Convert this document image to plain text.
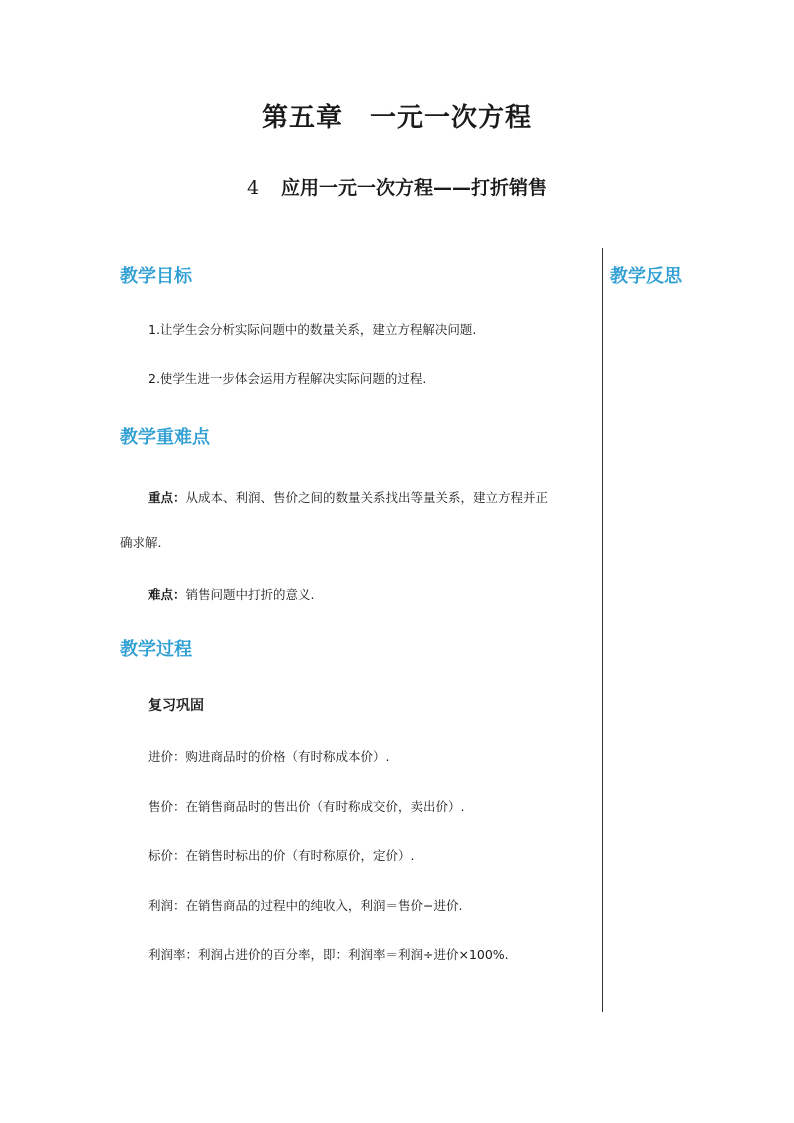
第五章　一元一次方程
4 应用一元一次方程——打折销售
教学目标

1.让学生会分析实际问题中的数量关系，建立方程解决问题.

2.使学生进一步体会运用方程解决实际问题的过程.

教学重难点

重点：从成本、利润、售价之间的数量关系找出等量关系，建立方程并正

确求解.

难点：销售问题中打折的意义.

教学过程
复习巩固

进价：购进商品时的价格（有时称成本价）.

售价：在销售商品时的售出价（有时称成交价，卖出价）.

标价：在销售时标出的价（有时称原价，定价）.

利润：在销售商品的过程中的纯收入，利润＝售价−进价.

利润率：利润占进价的百分率，即：利润率＝利润÷进价×100%.

教学反思
